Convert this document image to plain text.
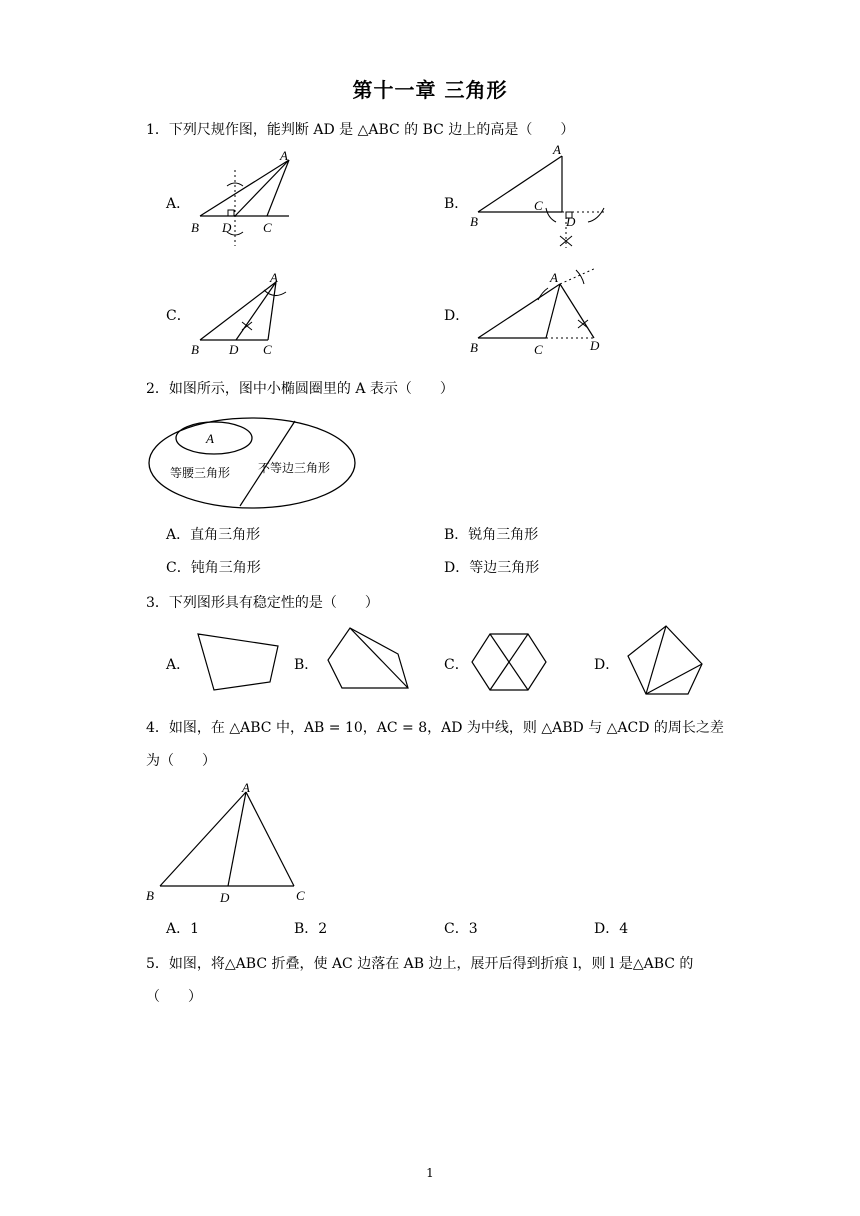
第十一章 三角形
1．下列尺规作图，能判断 AD 是 △ABC 的 BC 边上的高是（　　）
A．
B D C
A
B．
B
C
D
A
C．
B D C
A
D．
B	C	D
A
2．如图所示，图中小椭圆圈里的 A 表示（　　）
A
等腰三角形 不等边三角形
A．直角三角形	B．锐角三角形
C．钝角三角形	D．等边三角形
3．下列图形具有稳定性的是（　　）
A．	B．	C．	D．
4．如图，在 △ABC 中，AB = 10，AC = 8，AD 为中线，则 △ABD 与 △ACD 的周长之差
为（　　）
A
B	D	C
A．1	B．2	C．3	D．4
5．如图，将△ABC 折叠，使 AC 边落在 AB 边上，展开后得到折痕 l，则 l 是△ABC 的
（　　）
1
